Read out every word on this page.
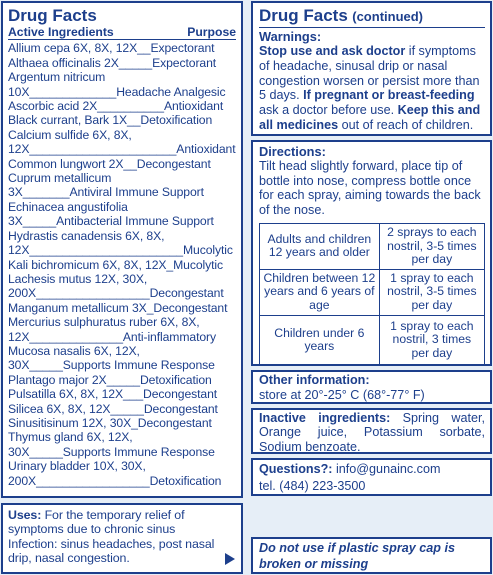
Drug Facts
Active Ingredients	Purpose
Allium cepa 6X, 8X, 12X__Expectorant
Althaea officinalis 2X_____Expectorant
Argentum nitricum
10X_____________Headache Analgesic
Ascorbic acid 2X__________Antioxidant
Black currant, Bark 1X__Detoxification
Calcium sulfide 6X, 8X,
12X______________________Antioxidant
Common lungwort 2X__Decongestant
Cuprum metallicum
3X_______Antiviral Immune Support
Echinacea angustifolia
3X_____Antibacterial Immune Support
Hydrastis canadensis 6X, 8X,
12X_______________________Mucolytic
Kali bichromicum 6X, 8X, 12X_Mucolytic
Lachesis mutus 12X, 30X,
200X_________________Decongestant
Manganum metallicum 3X_Decongestant
Mercurius sulphuratus ruber 6X, 8X,
12X______________Anti-inflammatory
Mucosa nasalis 6X, 12X,
30X_____Supports Immune Response
Plantago major 2X_____Detoxification
Pulsatilla 6X, 8X, 12X___Decongestant
Silicea 6X, 8X, 12X_____Decongestant
Sinusitisinum 12X, 30X_Decongestant
Thymus gland 6X, 12X,
30X_____Supports Immune Response
Urinary bladder 10X, 30X,
200X_________________Detoxification
Uses: For the temporary relief of
symptoms due to chronic sinus
Infection: sinus headaches, post nasal
drip, nasal congestion.
Drug Facts (continued)
Warnings:
Stop use and ask doctor if symptoms of headache, sinusal drip or nasal congestion worsen or persist more than 5 days. If pregnant or breast-feeding ask a doctor before use. Keep this and all medicines out of reach of children.
Directions:
Tilt head slightly forward, place tip of bottle into nose, compress bottle once for each spray, aiming towards the back of the nose.
Adults and children 12 years and older	2 sprays to each nostril, 3-5 times per day
Children between 12 years and 6 years of age	1 spray to each nostril, 3-5 times per day
Children under 6 years	1 spray to each nostril, 3 times per day
Other information:
store at 20°-25° C (68°-77° F)
Inactive ingredients: Spring water, Orange juice, Potassium sorbate, Sodium benzoate.
Questions?: info@gunainc.com
tel. (484) 223-3500
Do not use if plastic spray cap is broken or missing
